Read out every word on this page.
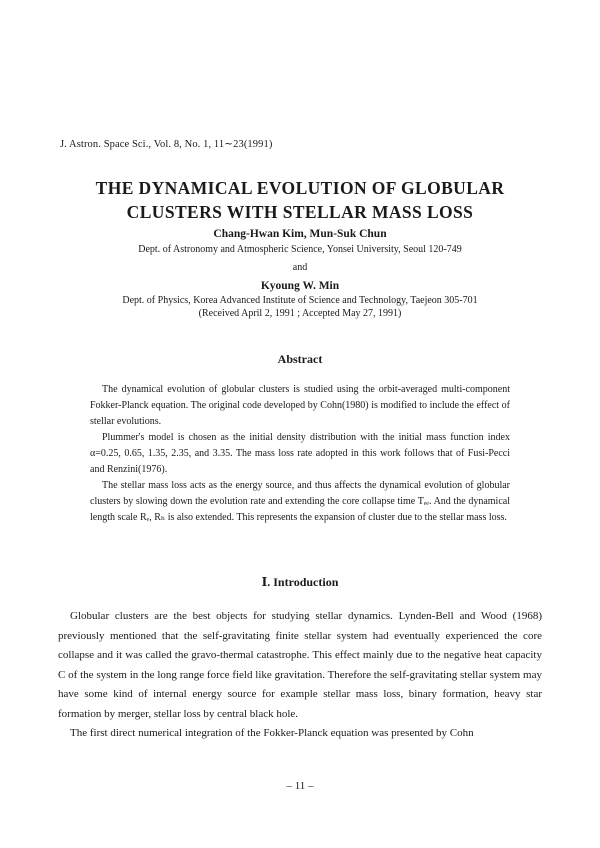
J. Astron. Space Sci., Vol. 8, No. 1, 11∼23(1991)
THE DYNAMICAL EVOLUTION OF GLOBULAR
CLUSTERS WITH STELLAR MASS LOSS
Chang-Hwan Kim, Mun-Suk Chun
Dept. of Astronomy and Atmospheric Science, Yonsei University, Seoul 120-749
and
Kyoung W. Min
Dept. of Physics, Korea Advanced Institute of Science and Technology, Taejeon 305-701
(Received April 2, 1991 ; Accepted May 27, 1991)
Abstract

The dynamical evolution of globular clusters is studied using the orbit-averaged multi-component Fokker-Planck equation. The original code developed by Cohn(1980) is modified to include the effect of stellar evolutions.

Plummer's model is chosen as the initial density distribution with the initial mass function index α=0.25, 0.65, 1.35, 2.35, and 3.35. The mass loss rate adopted in this work follows that of Fusi-Pecci and Renzini(1976).

The stellar mass loss acts as the energy source, and thus affects the dynamical evolution of globular clusters by slowing down the evolution rate and extending the core collapse time Tₑₑ. And the dynamical length scale Rₑ, Rₕ is also extended. This represents the expansion of cluster due to the stellar mass loss.

Ⅰ. Introduction

Globular clusters are the best objects for studying stellar dynamics. Lynden-Bell and Wood (1968) previously mentioned that the self-gravitating finite stellar system had eventually experienced the core collapse and it was called the gravo-thermal catastrophe. This effect mainly due to the negative heat capacity C of the system in the long range force field like gravitation. Therefore the self-gravitating stellar system may have some kind of internal energy source for example stellar mass loss, binary formation, heavy star formation by merger, stellar loss by central black hole.

The first direct numerical integration of the Fokker-Planck equation was presented by Cohn

– 11 –
